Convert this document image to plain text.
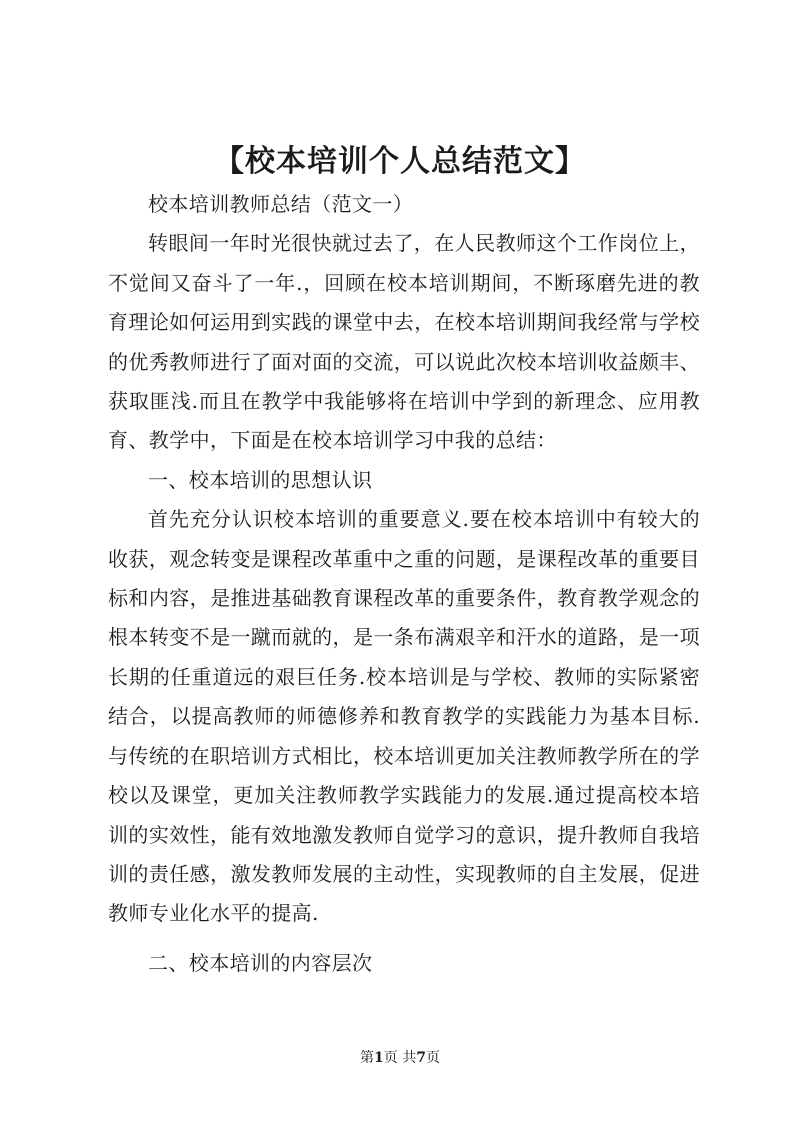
【校本培训个人总结范文】

校本培训教师总结（范文一）

转眼间一年时光很快就过去了，在人民教师这个工作岗位上，不觉间又奋斗了一年.，回顾在校本培训期间，不断琢磨先进的教育理论如何运用到实践的课堂中去，在校本培训期间我经常与学校的优秀教师进行了面对面的交流，可以说此次校本培训收益颇丰、获取匪浅.而且在教学中我能够将在培训中学到的新理念、应用教育、教学中，下面是在校本培训学习中我的总结：

一、校本培训的思想认识

首先充分认识校本培训的重要意义.要在校本培训中有较大的收获，观念转变是课程改革重中之重的问题，是课程改革的重要目标和内容，是推进基础教育课程改革的重要条件，教育教学观念的根本转变不是一蹴而就的，是一条布满艰辛和汗水的道路，是一项长期的任重道远的艰巨任务.校本培训是与学校、教师的实际紧密结合，以提高教师的师德修养和教育教学的实践能力为基本目标.与传统的在职培训方式相比，校本培训更加关注教师教学所在的学校以及课堂，更加关注教师教学实践能力的发展.通过提高校本培训的实效性，能有效地激发教师自觉学习的意识，提升教师自我培训的责任感，激发教师发展的主动性，实现教师的自主发展，促进教师专业化水平的提高.

二、校本培训的内容层次

第1页 共7页
